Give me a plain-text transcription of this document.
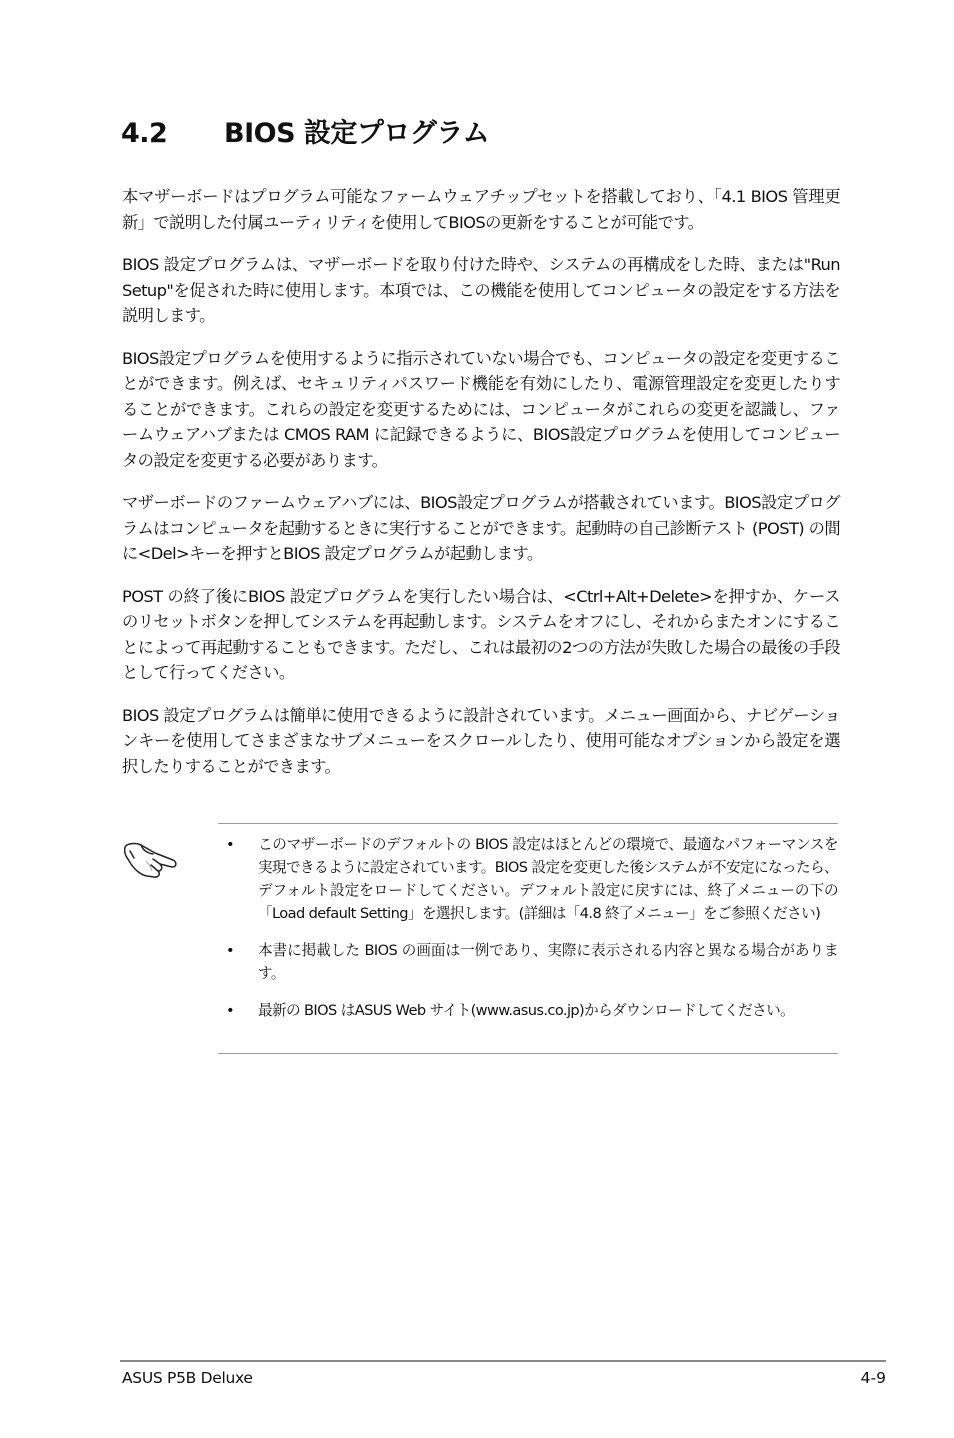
4.2 BIOS 設定プログラム

本マザーボードはプログラム可能なファームウェアチップセットを搭載しており、「4.1 BIOS 管理更新」で説明した付属ユーティリティを使用してBIOSの更新をすることが可能です。

BIOS 設定プログラムは、マザーボードを取り付けた時や、システムの再構成をした時、または"Run Setup"を促された時に使用します。本項では、この機能を使用してコンピュータの設定をする方法を説明します。

BIOS設定プログラムを使用するように指示されていない場合でも、コンピュータの設定を変更することができます。例えば、セキュリティパスワード機能を有効にしたり、電源管理設定を変更したりすることができます。これらの設定を変更するためには、コンピュータがこれらの変更を認識し、ファームウェアハブまたは CMOS RAM に記録できるように、BIOS設定プログラムを使用してコンピュータの設定を変更する必要があります。

マザーボードのファームウェアハブには、BIOS設定プログラムが搭載されています。BIOS設定プログラムはコンピュータを起動するときに実行することができます。起動時の自己診断テスト (POST) の間に<Del>キーを押すとBIOS 設定プログラムが起動します。

POST の終了後にBIOS 設定プログラムを実行したい場合は、<Ctrl+Alt+Delete>を押すか、ケースのリセットボタンを押してシステムを再起動します。システムをオフにし、それからまたオンにすることによって再起動することもできます。ただし、これは最初の2つの方法が失敗した場合の最後の手段として行ってください。

BIOS 設定プログラムは簡単に使用できるように設計されています。メニュー画面から、ナビゲーションキーを使用してさまざまなサブメニューをスクロールしたり、使用可能なオプションから設定を選択したりすることができます。

• このマザーボードのデフォルトの BIOS 設定はほとんどの環境で、最適なパフォーマンスを実現できるように設定されています。BIOS 設定を変更した後システムが不安定になったら、デフォルト設定をロードしてください。デフォルト設定に戻すには、終了メニューの下の「Load default Setting」を選択します。(詳細は「4.8 終了メニュー」をご参照ください)
• 本書に掲載した BIOS の画面は一例であり、実際に表示される内容と異なる場合があります。
• 最新の BIOS はASUS Web サイト(www.asus.co.jp)からダウンロードしてください。
ASUS P5B Deluxe	4-9
